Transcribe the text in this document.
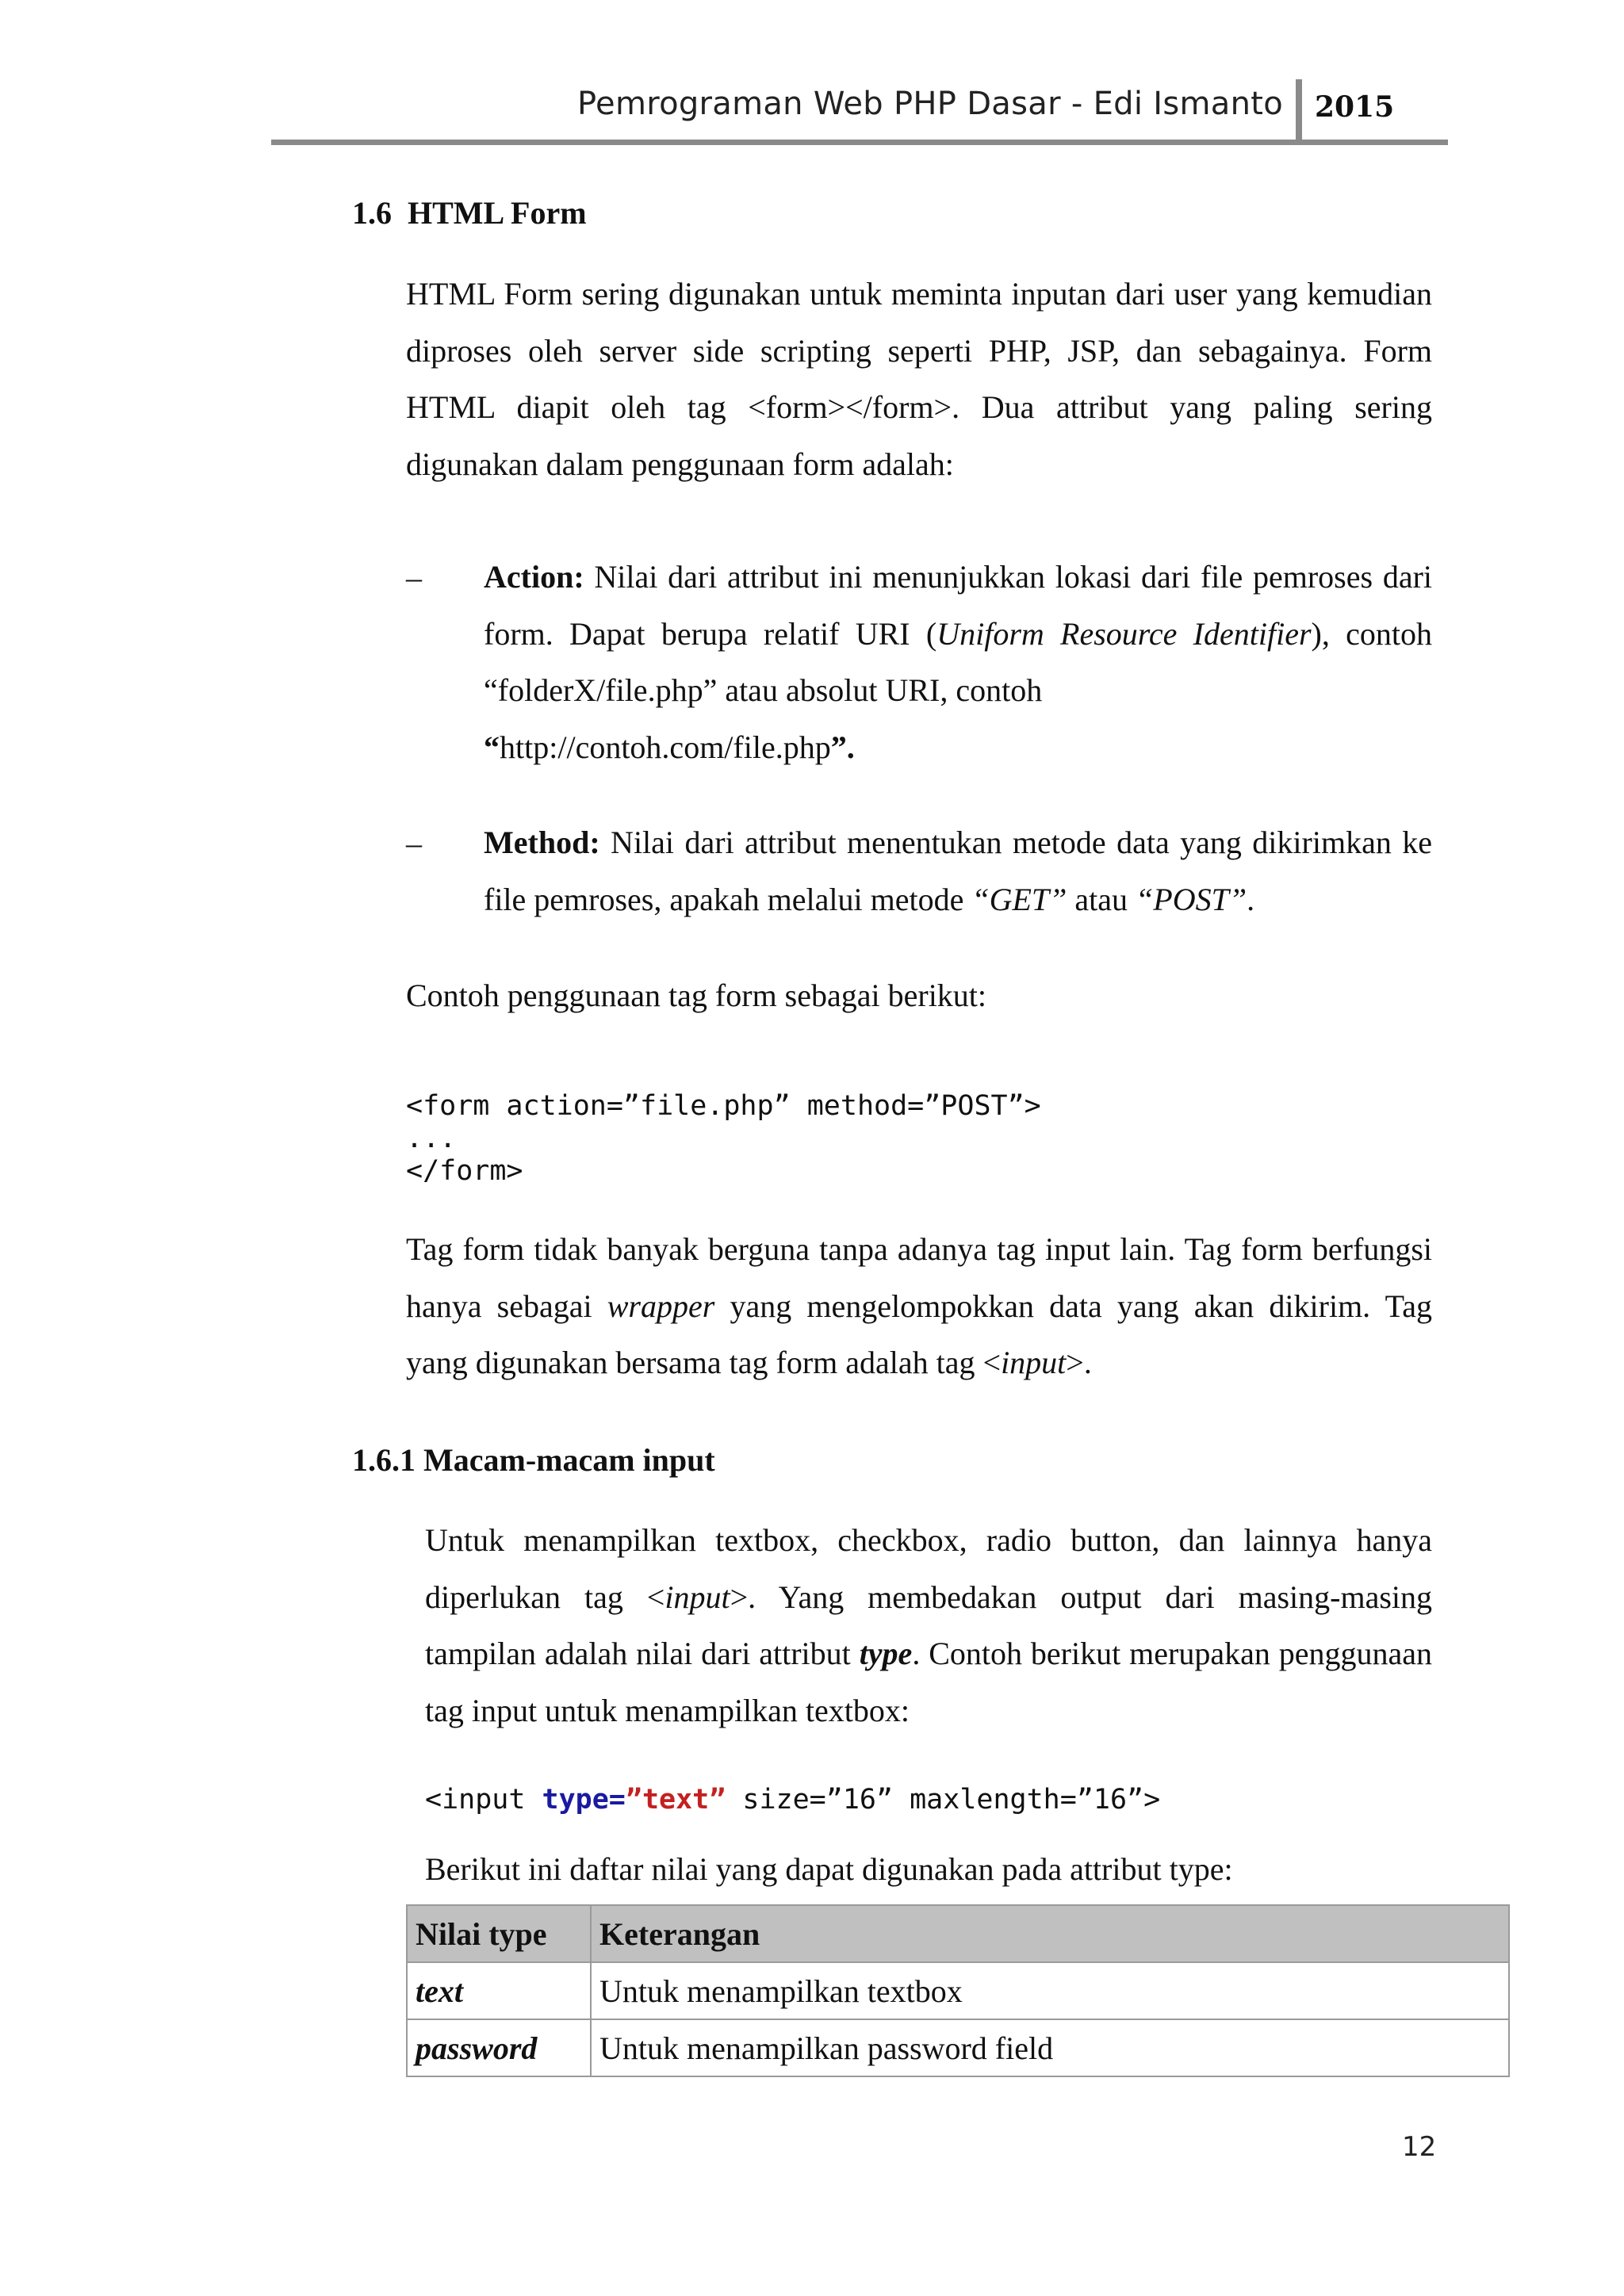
Pemrograman Web PHP Dasar - Edi Ismanto 2015
1.6  HTML Form
HTML Form sering digunakan untuk meminta inputan dari user yang kemudian diproses oleh server side scripting seperti PHP, JSP, dan sebagainya. Form HTML diapit oleh tag <form></form>. Dua attribut yang paling sering digunakan dalam penggunaan form adalah:
– Action: Nilai dari attribut ini menunjukkan lokasi dari file pemroses dari form. Dapat berupa relatif URI (Uniform Resource Identifier), contoh “folderX/file.php” atau absolut URI, contoh
“http://contoh.com/file.php”.
– Method: Nilai dari attribut menentukan metode data yang dikirimkan ke file pemroses, apakah melalui metode “GET” atau “POST”.
Contoh penggunaan tag form sebagai berikut:
<form action=”file.php” method=”POST”>
...
</form>
Tag form tidak banyak berguna tanpa adanya tag input lain. Tag form berfungsi hanya sebagai wrapper yang mengelompokkan data yang akan dikirim. Tag yang digunakan bersama tag form adalah tag <input>.
1.6.1 Macam-macam input
Untuk menampilkan textbox, checkbox, radio button, dan lainnya hanya diperlukan tag <input>. Yang membedakan output dari masing-masing tampilan adalah nilai dari attribut type. Contoh berikut merupakan penggunaan tag input untuk menampilkan textbox:
<input type=”text” size=”16” maxlength=”16”>
Berikut ini daftar nilai yang dapat digunakan pada attribut type:
Nilai type	Keterangan
text	Untuk menampilkan textbox
password	Untuk menampilkan password field
12
